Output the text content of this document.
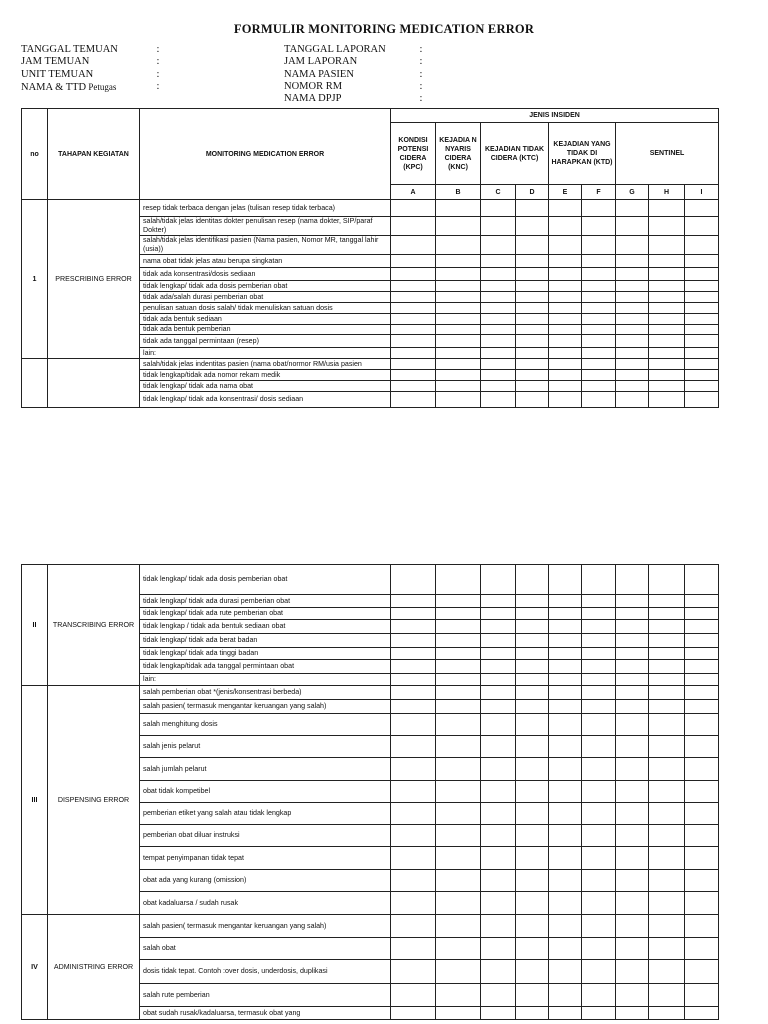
FORMULIR MONITORING MEDICATION ERROR
TANGGAL TEMUAN	:
JAM TEMUAN	:
UNIT TEMUAN	:
NAMA & TTD Petugas	:
TANGGAL LAPORAN	:
JAM LAPORAN	:
NAMA PASIEN	:
NOMOR RM	:
NAMA DPJP	:
no	TAHAPAN KEGIATAN	MONITORING MEDICATION ERROR	JENIS INSIDEN								
			KONDISI POTENSI CIDERA (KPC)	KEJADIA N NYARIS CIDERA (KNC)	KEJADIAN TIDAK CIDERA (KTC)		KEJADIAN YANG TIDAK DI HARAPKAN (KTD)		SENTINEL		
			A	B	C	D	E	F	G	H	I
1	PRESCRIBING ERROR	resep tidak terbaca dengan jelas (tulisan resep tidak terbaca)									
		salah/tidak jelas identitas dokter penulisan resep (nama dokter, SIP/paraf Dokter)									
		salah/tidak jelas identifikasi pasien (Nama pasien, Nomor MR, tanggal lahir (usia))									
		nama obat tidak jelas atau berupa singkatan									
		tidak ada konsentrasi/dosis sediaan									
		tidak lengkap/ tidak ada dosis pemberian obat									
		tidak ada/salah durasi pemberian obat									
		penulisan satuan dosis salah/ tidak menuliskan satuan dosis									
		tidak ada bentuk sediaan									
		tidak ada bentuk pemberian									
		tidak ada tanggal permintaan (resep)									
		lain:									
		salah/tidak jelas indentitas pasien (nama obat/normor RM/usia pasien									
		tidak lengkap/tidak ada nomor rekam medik									
		tidak lengkap/ tidak ada nama obat									
		tidak lengkap/ tidak ada konsentrasi/ dosis sediaan									
II	TRANSCRIBING ERROR	tidak lengkap/ tidak ada dosis pemberian obat									
		tidak lengkap/ tidak ada durasi pemberian obat									
		tidak lengkap/ tidak ada rute pemberian obat									
		tidak lengkap / tidak ada bentuk sediaan obat									
		tidak lengkap/ tidak ada berat badan									
		tidak lengkap/ tidak ada tinggi badan									
		tidak lengkap/tidak ada tanggal permintaan obat									
		lain:									
III	DISPENSING ERROR	salah pemberian obat *(jenis/konsentrasi berbeda)									
		salah pasien( termasuk mengantar keruangan yang salah)									
		salah menghitung dosis									
		salah jenis pelarut									
		salah jumlah pelarut									
		obat tidak kompetibel									
		pemberian etiket yang salah atau tidak lengkap									
		pemberian obat diluar instruksi									
		tempat penyimpanan tidak tepat									
		obat ada yang kurang (omission)									
		obat kadaluarsa / sudah rusak									
IV	ADMINISTRING ERROR	salah pasien( termasuk mengantar keruangan yang salah)									
		salah obat									
		dosis tidak tepat. Contoh :over dosis, underdosis, duplikasi									
		salah rute pemberian									
		obat sudah rusak/kadaluarsa, termasuk obat yang									
